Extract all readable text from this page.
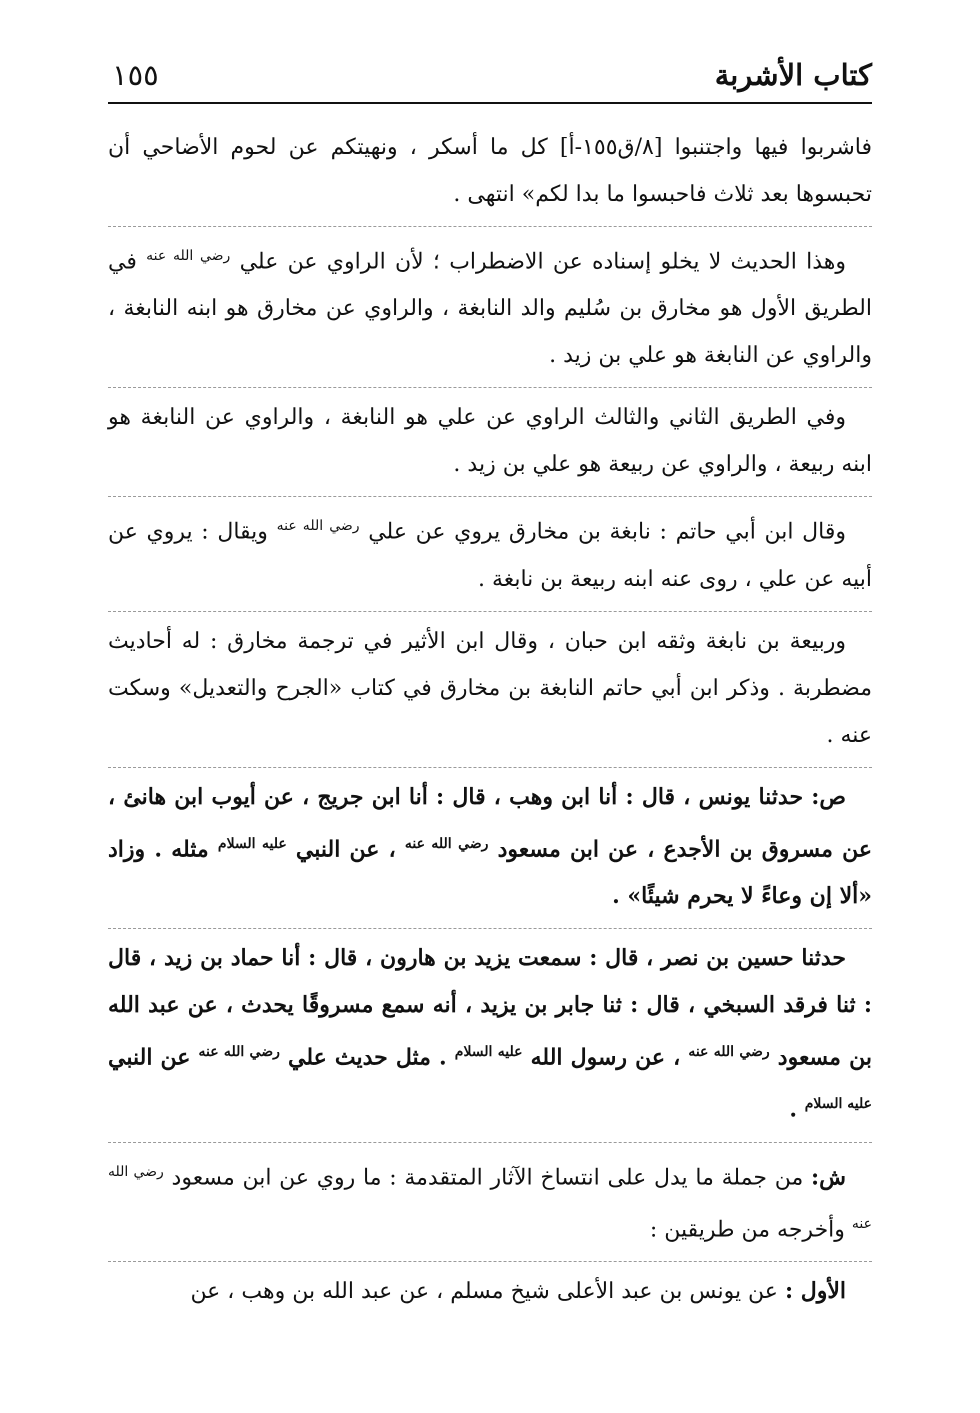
كتاب الأشربة
١٥٥

فاشربوا فيها واجتنبوا [٨/ق١٥٥-أ] كل ما أسكر ، ونهيتكم عن لحوم الأضاحي أن تحبسوها بعد ثلاث فاحبسوا ما بدا لكم» انتهى .

وهذا الحديث لا يخلو إسناده عن الاضطراب ؛ لأن الراوي عن علي $^{رضي الله عنه}$ في الطريق الأول هو مخارق بن سُليم والد النابغة ، والراوي عن مخارق هو ابنه النابغة ، والراوي عن النابغة هو علي بن زيد .

وفي الطريق الثاني والثالث الراوي عن علي هو النابغة ، والراوي عن النابغة هو ابنه ربيعة ، والراوي عن ربيعة هو علي بن زيد .

وقال ابن أبي حاتم : نابغة بن مخارق يروي عن علي $^{رضي الله عنه}$ ويقال : يروي عن أبيه عن علي ، روى عنه ابنه ربيعة بن نابغة .

وربيعة بن نابغة وثقه ابن حبان ، وقال ابن الأثير في ترجمة مخارق : له أحاديث مضطربة . وذكر ابن أبي حاتم النابغة بن مخارق في كتاب «الجرح والتعديل» وسكت عنه .

ص: حدثنا يونس ، قال : أنا ابن وهب ، قال : أنا ابن جريج ، عن أيوب ابن هانئ ، عن مسروق بن الأجدع ، عن ابن مسعود $^{رضي الله عنه}$ ، عن النبي $^{عليه السلام}$ مثله . وزاد «ألا إن وعاءً لا يحرم شيئًا» .

حدثنا حسين بن نصر ، قال : سمعت يزيد بن هارون ، قال : أنا حماد بن زيد ، قال : ثنا فرقد السبخي ، قال : ثنا جابر بن يزيد ، أنه سمع مسروقًا يحدث ، عن عبد الله بن مسعود $^{رضي الله عنه}$ ، عن رسول الله $^{عليه السلام}$ . مثل حديث علي $^{رضي الله عنه}$ عن النبي $^{عليه السلام}$ .

ش: من جملة ما يدل على انتساخ الآثار المتقدمة : ما روي عن ابن مسعود $^{رضي الله عنه}$ وأخرجه من طريقين :

الأول : عن يونس بن عبد الأعلى شيخ مسلم ، عن عبد الله بن وهب ، عن
